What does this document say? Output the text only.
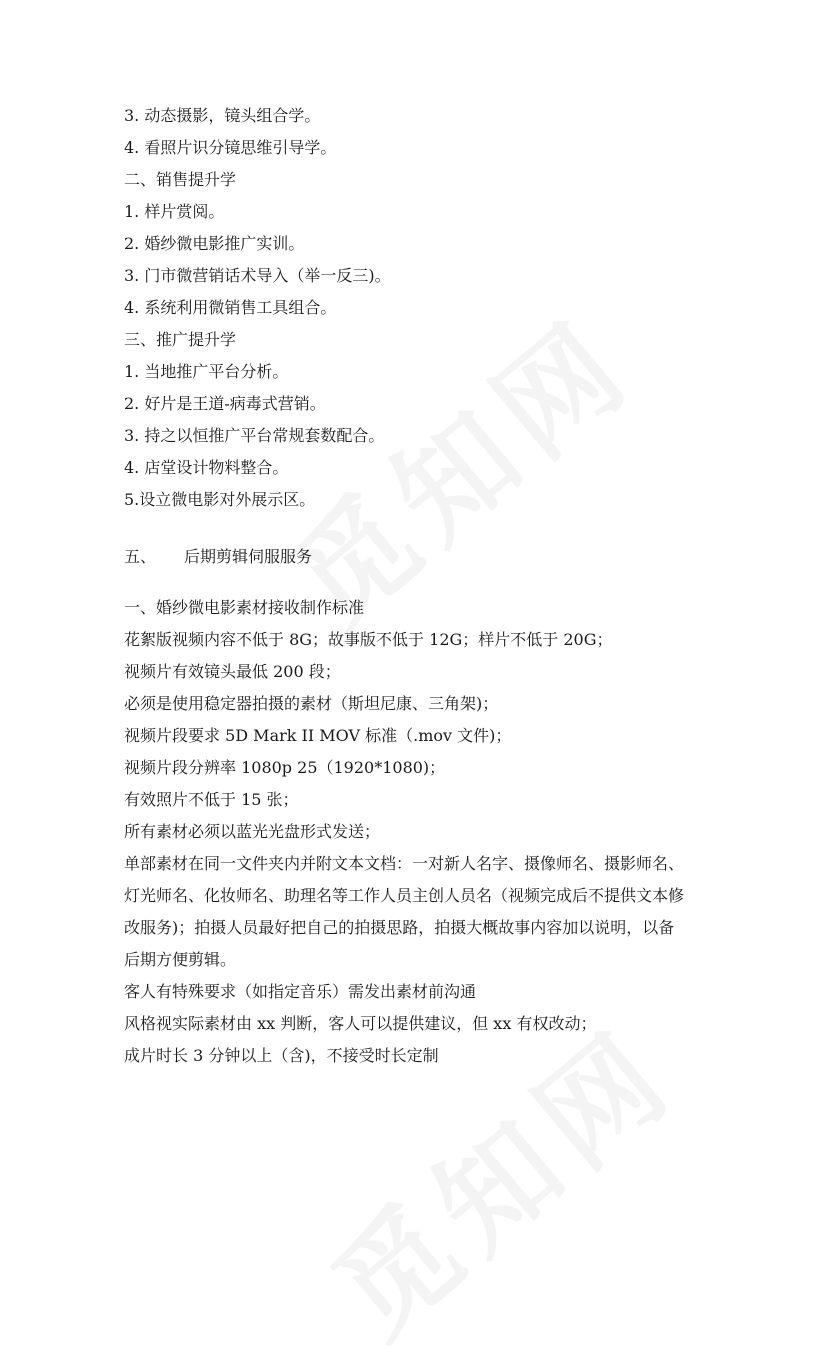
3. 动态摄影，镜头组合学。
4. 看照片识分镜思维引导学。
二、销售提升学
1. 样片赏阅。
2. 婚纱微电影推广实训。
3. 门市微营销话术导入（举一反三)。
4. 系统利用微销售工具组合。
三、推广提升学
1. 当地推广平台分析。
2. 好片是王道-病毒式营销。
3. 持之以恒推广平台常规套数配合。
4. 店堂设计物料整合。
5.设立微电影对外展示区。
五、 后期剪辑伺服服务
一、婚纱微电影素材接收制作标准
花絮版视频内容不低于 8G；故事版不低于 12G；样片不低于 20G；
视频片有效镜头最低 200 段；
必须是使用稳定器拍摄的素材（斯坦尼康、三角架)；
视频片段要求 5D Mark II MOV 标准（.mov 文件)；
视频片段分辨率 1080p 25（1920*1080)；
有效照片不低于 15 张；
所有素材必须以蓝光光盘形式发送；
单部素材在同一文件夹内并附文本文档：一对新人名字、摄像师名、摄影师名、
灯光师名、化妆师名、助理名等工作人员主创人员名（视频完成后不提供文本修
改服务)；拍摄人员最好把自己的拍摄思路，拍摄大概故事内容加以说明，以备
后期方便剪辑。
客人有特殊要求（如指定音乐）需发出素材前沟通
风格视实际素材由 xx 判断，客人可以提供建议，但 xx 有权改动；
成片时长 3 分钟以上（含)，不接受时长定制
